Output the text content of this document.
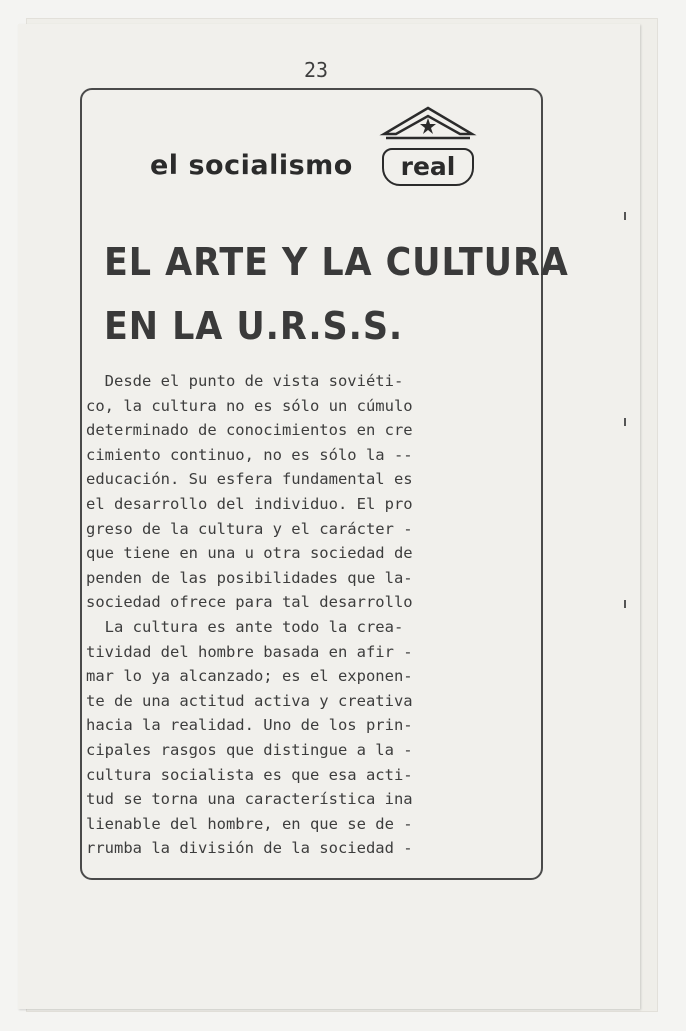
23
el socialismo	real
EL ARTE Y LA CULTURA
EN LA U.R.S.S.
Desde el punto de vista soviéti-
co, la cultura no es sólo un cúmulo
determinado de conocimientos en cre
cimiento continuo, no es sólo la --
educación. Su esfera fundamental es
el desarrollo del individuo. El pro
greso de la cultura y el carácter -
que tiene en una u otra sociedad de
penden de las posibilidades que la-
sociedad ofrece para tal desarrollo
La cultura es ante todo la crea-
tividad del hombre basada en afir -
mar lo ya alcanzado; es el exponen-
te de una actitud activa y creativa
hacia la realidad. Uno de los prin-
cipales rasgos que distingue a la -
cultura socialista es que esa acti-
tud se torna una característica ina
lienable del hombre, en que se de -
rrumba la división de la sociedad -
